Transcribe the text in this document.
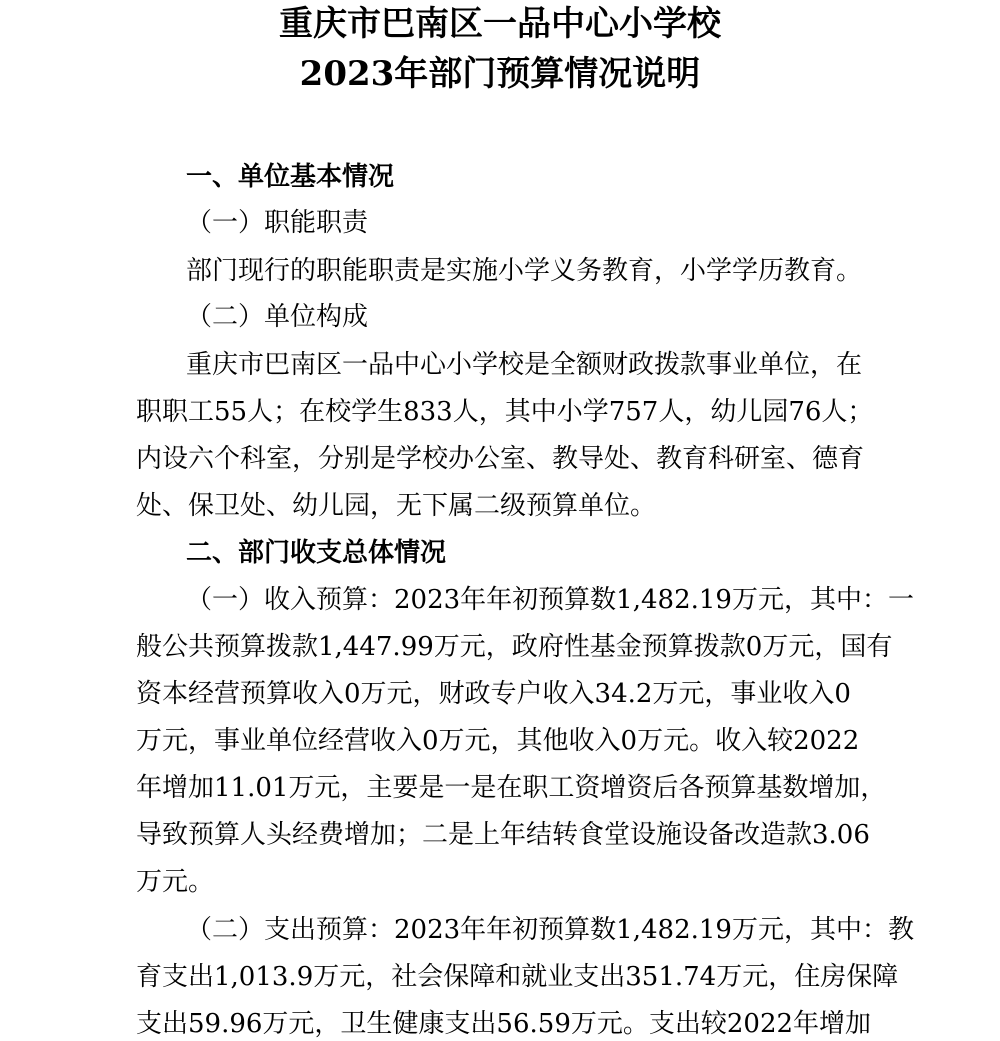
重庆市巴南区一品中心小学校
2023年部门预算情况说明
一、单位基本情况
（一）职能职责
部门现行的职能职责是实施小学义务教育，小学学历教育。
（二）单位构成
重庆市巴南区一品中心小学校是全额财政拨款事业单位，在
职职工55人；在校学生833人，其中小学757人，幼儿园76人；
内设六个科室，分别是学校办公室、教导处、教育科研室、德育
处、保卫处、幼儿园，无下属二级预算单位。
二、部门收支总体情况
（一）收入预算：2023年年初预算数1,482.19万元，其中：一
般公共预算拨款1,447.99万元，政府性基金预算拨款0万元，国有
资本经营预算收入0万元，财政专户收入34.2万元，事业收入0
万元，事业单位经营收入0万元，其他收入0万元。收入较2022
年增加11.01万元，主要是一是在职工资增资后各预算基数增加，
导致预算人头经费增加；二是上年结转食堂设施设备改造款3.06
万元。
（二）支出预算：2023年年初预算数1,482.19万元，其中：教
育支出1,013.9万元，社会保障和就业支出351.74万元，住房保障
支出59.96万元，卫生健康支出56.59万元。支出较2022年增加
